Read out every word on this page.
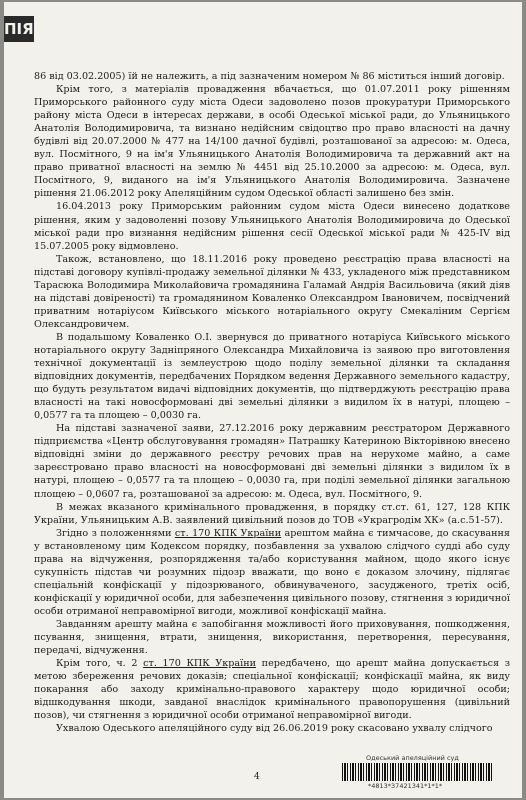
ПІЯ

86 від 03.02.2005) їй не належить, а під зазначеним номером № 86 міститься інший договір.

Крім того, з матеріалів провадження вбачається, що 01.07.2011 року рішенням Приморського районного суду міста Одеси задоволено позов прокуратури Приморського району міста Одеси в інтересах держави, в особі Одеської міської ради, до Ульяницького Анатолія Володимировича, та визнано недійсним свідоцтво про право власності на дачну будівлі від 20.07.2000 № 477 на 14/100 дачної будівлі, розташованої за адресою: м. Одеса, вул. Посмітного, 9 на ім'я Ульяницького Анатолія Володимировича та державний акт на право приватної власності на землю № 4451 від 25.10.2000 за адресою: м. Одеса, вул. Посмітного, 9, виданого на ім'я Ульяницького Анатолія Володимировича. Зазначене рішення 21.06.2012 року Апеляційним судом Одеської області залишено без змін.

16.04.2013 року Приморським районним судом міста Одеси винесено додаткове рішення, яким у задоволенні позову Ульяницького Анатолія Володимировича до Одеської міської ради про визнання недійсним рішення сесії Одеської міської ради № 425-IV від 15.07.2005 року відмовлено.

Також, встановлено, що 18.11.2016 року проведено реєстрацію права власності на підставі договору купівлі-продажу земельної ділянки № 433, укладеного між представником Тарасюка Володимира Миколайовича громадянина Галамай Андрія Васильовича (який діяв на підставі довіреності) та громадянином Коваленко Олександром Івановичем, посвідчений приватним нотаріусом Київського міського нотаріального округу Смекаліним Сергієм Олександровичем.

В подальшому Коваленко О.І. звернувся до приватного нотаріуса Київського міського нотаріального округу Задніпряного Олександра Михайловича із заявою про виготовлення технічної документації із землеустрою щодо поділу земельної ділянки та складання відповідних документів, передбачених Порядком ведення Державного земельного кадастру, що будуть результатом видачі відповідних документів, що підтверджують реєстрацію права власності на такі новосформовані дві земельні ділянки з видилом їх в натурі, площею – 0,0577 га та площею – 0,0030 га.

На підставі зазначеної заяви, 27.12.2016 року державним реєстратором Державного підприємства «Центр обслуговування громадян» Патрашку Катериною Вікторівною внесено відповідні зміни до державного реєстру речових прав на нерухоме майно, а саме зареєстровано право власності на новосформовані дві земельні ділянки з видилом їх в натурі, площею – 0,0577 га та площею – 0,0030 га, при поділі земельної ділянки загальною площею – 0,0607 га, розташованої за адресою: м. Одеса, вул. Посмітного, 9.

В межах вказаного кримінального провадження, в порядку ст.ст. 61, 127, 128 КПК України, Ульяницьким А.В. заявлений цивільний позов до ТОВ «Украгродім ХК» (а.с.51-57).

Згідно з положеннями ст. 170 КПК України арештом майна є тимчасове, до скасування у встановленому цим Кодексом порядку, позбавлення за ухвалою слідчого судді або суду права на відчуження, розпорядження та/або користування майном, щодо якого існує сукупність підстав чи розумних підозр вважати, що воно є доказом злочину, підлягає спеціальній конфіскації у підозрюваного, обвинуваченого, засудженого, третіх осіб, конфіскації у юридичної особи, для забезпечення цивільного позову, стягнення з юридичної особи отриманої неправомірної вигоди, можливої конфіскації майна.

Завданням арешту майна є запобігання можливості його приховування, пошкодження, псування, знищення, втрати, знищення, використання, перетворення, пересування, передачі, відчуження.

Крім того, ч. 2 ст. 170 КПК України передбачено, що арешт майна допускається з метою збереження речових доказів; спеціальної конфіскації; конфіскації майна, як виду покарання або заходу кримінально-правового характеру щодо юридичної особи; відшкодування шкоди, завданої внаслідок кримінального правопорушення (цивільний позов), чи стягнення з юридичної особи отриманої неправомірної вигоди.

Ухвалою Одеського апеляційного суду від 26.06.2019 року скасовано ухвалу слідчого

4
Одеський апеляційний суд
*4813*37421341*1*1*
